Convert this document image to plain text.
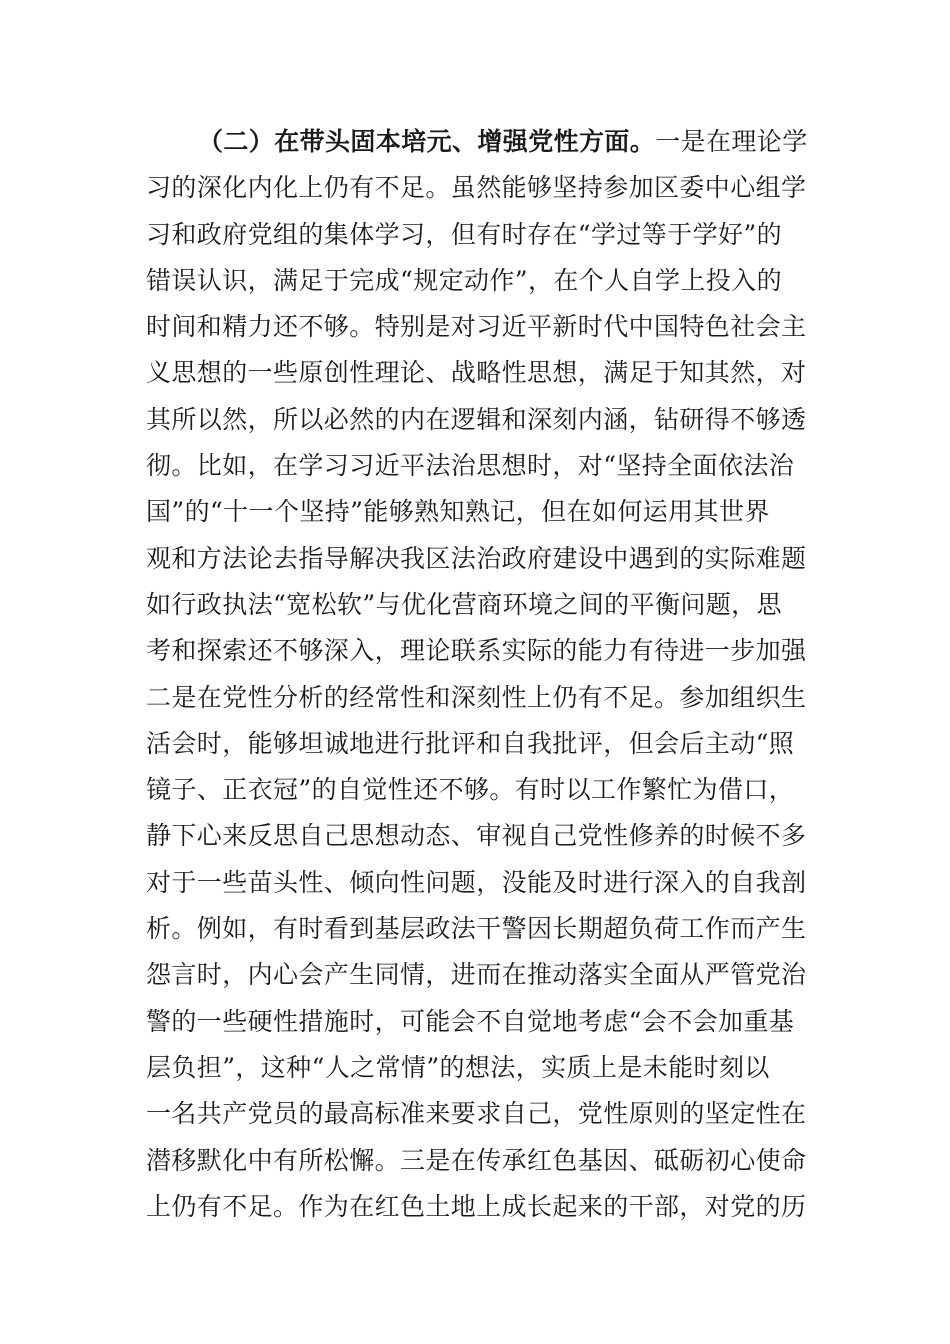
（二）在带头固本培元、增强党性方面。一是在理论学
习的深化内化上仍有不足。虽然能够坚持参加区委中心组学
习和政府党组的集体学习，但有时存在“学过等于学好”的
错误认识，满足于完成“规定动作”，在个人自学上投入的
时间和精力还不够。特别是对习近平新时代中国特色社会主
义思想的一些原创性理论、战略性思想，满足于知其然，对
其所以然，所以必然的内在逻辑和深刻内涵，钻研得不够透
彻。比如，在学习习近平法治思想时，对“坚持全面依法治
国”的“十一个坚持”能够熟知熟记，但在如何运用其世界
观和方法论去指导解决我区法治政府建设中遇到的实际难题
如行政执法“宽松软”与优化营商环境之间的平衡问题，思
考和探索还不够深入，理论联系实际的能力有待进一步加强
二是在党性分析的经常性和深刻性上仍有不足。参加组织生
活会时，能够坦诚地进行批评和自我批评，但会后主动“照
镜子、正衣冠”的自觉性还不够。有时以工作繁忙为借口，
静下心来反思自己思想动态、审视自己党性修养的时候不多
对于一些苗头性、倾向性问题，没能及时进行深入的自我剖
析。例如，有时看到基层政法干警因长期超负荷工作而产生
怨言时，内心会产生同情，进而在推动落实全面从严管党治
警的一些硬性措施时，可能会不自觉地考虑“会不会加重基
层负担”，这种“人之常情”的想法，实质上是未能时刻以
一名共产党员的最高标准来要求自己，党性原则的坚定性在
潜移默化中有所松懈。三是在传承红色基因、砥砺初心使命
上仍有不足。作为在红色土地上成长起来的干部，对党的历
